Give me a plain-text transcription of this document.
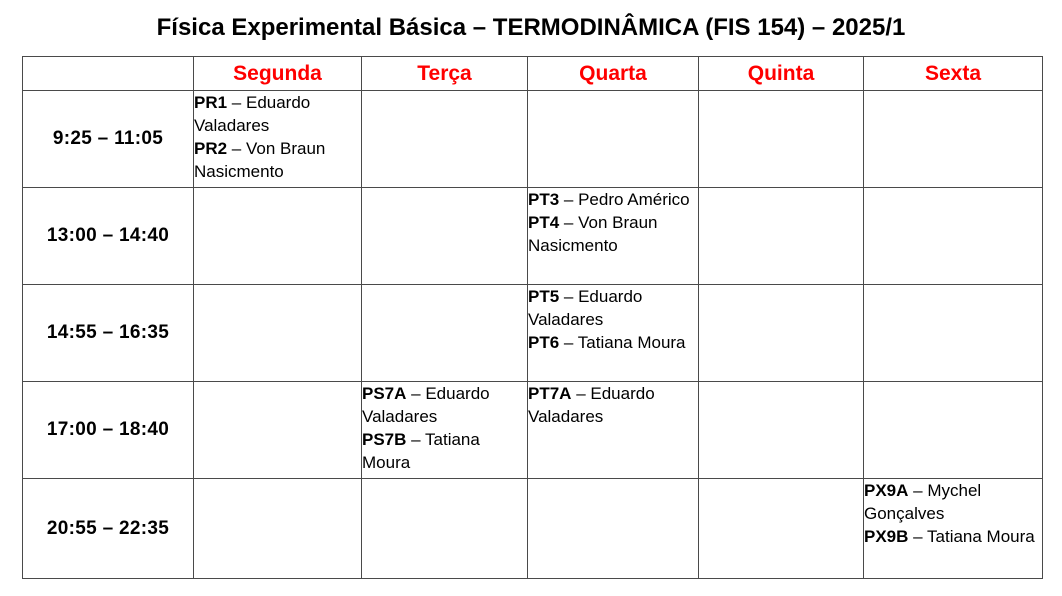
Física Experimental Básica – TERMODINÂMICA (FIS 154) – 2025/1
	Segunda	Terça	Quarta	Quinta	Sexta
9:25 – 11:05	PR1 – Eduardo Valadares
PR2 – Von Braun Nasicmento				

13:00 – 14:40			PT3 – Pedro Américo
PT4 – Von Braun Nasicmento		

14:55 – 16:35			PT5 – Eduardo Valadares
PT6 – Tatiana Moura		

17:00 – 18:40		PS7A – Eduardo Valadares
PS7B – Tatiana Moura	PT7A – Eduardo Valadares		

20:55 – 22:35					PX9A – Mychel Gonçalves
PX9B – Tatiana Moura
